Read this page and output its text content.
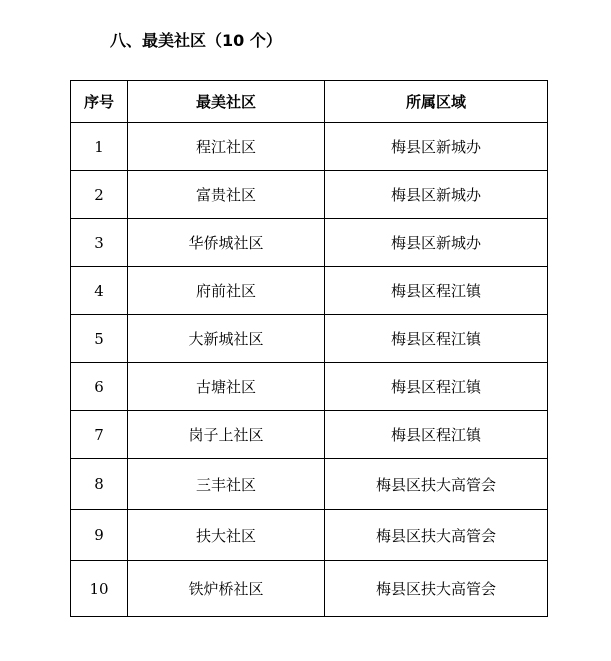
八、最美社区（10 个）
序号	最美社区	所属区域
1	程江社区	梅县区新城办
2	富贵社区	梅县区新城办
3	华侨城社区	梅县区新城办
4	府前社区	梅县区程江镇
5	大新城社区	梅县区程江镇
6	古塘社区	梅县区程江镇
7	岗子上社区	梅县区程江镇
8	三丰社区	梅县区扶大高管会
9	扶大社区	梅县区扶大高管会
10	铁炉桥社区	梅县区扶大高管会
